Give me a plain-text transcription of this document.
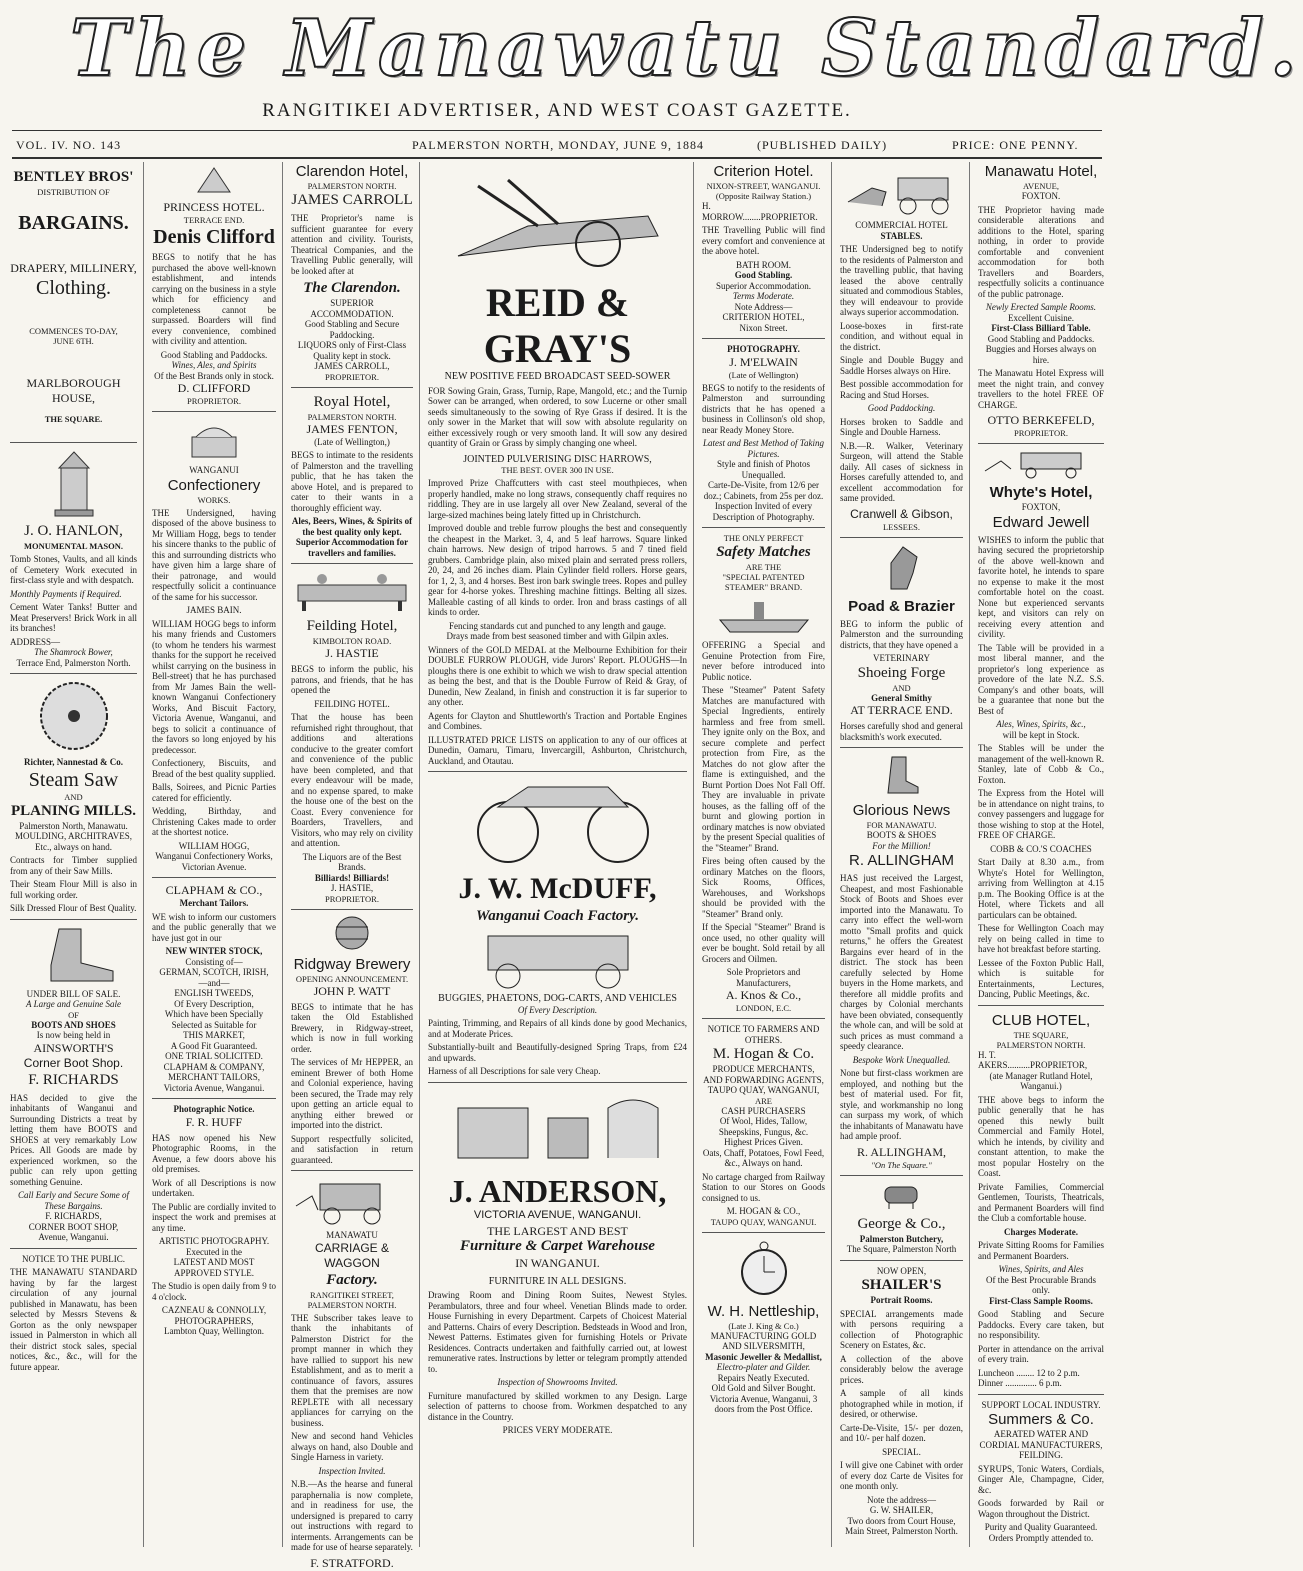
The Manawatu Standard.
RANGITIKEI ADVERTISER, AND WEST COAST GAZETTE.
VOL. IV. NO. 143	PALMERSTON NORTH, MONDAY, JUNE 9, 1884	(PUBLISHED DAILY)	PRICE: ONE PENNY.
BENTLEY BROS'
DISTRIBUTION OF
BARGAINS.
DRAPERY, MILLINERY,
Clothing.
COMMENCES TO-DAY,
JUNE 6TH.
MARLBOROUGH HOUSE,
THE SQUARE.
J. O. HANLON,
MONUMENTAL MASON.
Tomb Stones, Vaults, and all kinds of Cemetery Work executed in first-class style and with despatch.
Monthly Payments if Required.
Cement Water Tanks! Butter and Meat Preservers! Brick Work in all its branches!
ADDRESS—
The Shamrock Bower,
Terrace End, Palmerston North.
Richter, Nannestad & Co.
Steam Saw
AND
PLANING MILLS.
Palmerston North, Manawatu.
MOULDING, ARCHITRAVES, Etc., always on hand.
Contracts for Timber supplied from any of their Saw Mills.
Their Steam Flour Mill is also in full working order.
Silk Dressed Flour of Best Quality.
UNDER BILL OF SALE.
A Large and Genuine Sale
OF
BOOTS AND SHOES
Is now being held in
AINSWORTH'S
Corner Boot Shop.
F. RICHARDS
HAS decided to give the inhabitants of Wanganui and Surrounding Districts a treat by letting them have BOOTS and SHOES at very remarkably Low Prices. All Goods are made by experienced workmen, so the public can rely upon getting something Genuine.
Call Early and Secure Some of These Bargains.
F. RICHARDS,
CORNER BOOT SHOP,
Avenue, Wanganui.
NOTICE TO THE PUBLIC.
THE MANAWATU STANDARD having by far the largest circulation of any journal published in Manawatu, has been selected by Messrs Stevens & Gorton as the only newspaper issued in Palmerston in which all their district stock sales, special notices, &c., &c., will for the future appear.
PRINCESS HOTEL.
TERRACE END.
Denis Clifford
BEGS to notify that he has purchased the above well-known establishment, and intends carrying on the business in a style which for efficiency and completeness cannot be surpassed. Boarders will find every convenience, combined with civility and attention.
Good Stabling and Paddocks.
Wines, Ales, and Spirits
Of the Best Brands only in stock.
D. CLIFFORD
PROPRIETOR.
WANGANUI
Confectionery
WORKS.
THE Undersigned, having disposed of the above business to Mr William Hogg, begs to tender his sincere thanks to the public of this and surrounding districts who have given him a large share of their patronage, and would respectfully solicit a continuance of the same for his successor.
JAMES BAIN.
WILLIAM HOGG begs to inform his many friends and Customers (to whom he tenders his warmest thanks for the support he received whilst carrying on the business in Bell-street) that he has purchased from Mr James Bain the well-known Wanganui Confectionery Works, And Biscuit Factory, Victoria Avenue, Wanganui, and begs to solicit a continuance of the favors so long enjoyed by his predecessor.
Confectionery, Biscuits, and Bread of the best quality supplied.
Balls, Soirees, and Picnic Parties catered for efficiently.
Wedding, Birthday, and Christening Cakes made to order at the shortest notice.
WILLIAM HOGG,
Wanganui Confectionery Works, Victorian Avenue.
CLAPHAM & CO.,
Merchant Tailors.
WE wish to inform our customers and the public generally that we have just got in our
NEW WINTER STOCK,
Consisting of—
GERMAN, SCOTCH, IRISH,
—and—
ENGLISH TWEEDS,
Of Every Description,
Which have been Specially Selected as Suitable for
THIS MARKET,
A Good Fit Guaranteed.
ONE TRIAL SOLICITED.
CLAPHAM & COMPANY,
MERCHANT TAILORS,
Victoria Avenue, Wanganui.
Photographic Notice.
F. R. HUFF
HAS now opened his New Photographic Rooms, in the Avenue, a few doors above his old premises.
Work of all Descriptions is now undertaken.
The Public are cordially invited to inspect the work and premises at any time.
ARTISTIC PHOTOGRAPHY.
Executed in the
LATEST AND MOST APPROVED STYLE.
The Studio is open daily from 9 to 4 o'clock.
CAZNEAU & CONNOLLY,
PHOTOGRAPHERS,
Lambton Quay, Wellington.
Clarendon Hotel,
PALMERSTON NORTH.
JAMES CARROLL
THE Proprietor's name is sufficient guarantee for every attention and civility. Tourists, Theatrical Companies, and the Travelling Public generally, will be looked after at
The Clarendon.
SUPERIOR ACCOMMODATION.
Good Stabling and Secure Paddocking.
LIQUORS only of First-Class Quality kept in stock.
JAMES CARROLL,
PROPRIETOR.
Royal Hotel,
PALMERSTON NORTH.
JAMES FENTON,
(Late of Wellington,)
BEGS to intimate to the residents of Palmerston and the travelling public, that he has taken the above Hotel, and is prepared to cater to their wants in a thoroughly efficient way.
Ales, Beers, Wines, & Spirits of the best quality only kept.
Superior Accommodation for travellers and families.
Feilding Hotel,
KIMBOLTON ROAD.
J. HASTIE
BEGS to inform the public, his patrons, and friends, that he has opened the
FEILDING HOTEL.
That the house has been refurnished right throughout, that additions and alterations conducive to the greater comfort and convenience of the public have been completed, and that every endeavour will be made, and no expense spared, to make the house one of the best on the Coast. Every convenience for Boarders, Travellers, and Visitors, who may rely on civility and attention.
The Liquors are of the Best Brands.
Billiards! Billiards!
J. HASTIE,
PROPRIETOR.
Ridgway Brewery
OPENING ANNOUNCEMENT.
JOHN P. WATT
BEGS to intimate that he has taken the Old Established Brewery, in Ridgway-street, which is now in full working order.
The services of Mr HEPPER, an eminent Brewer of both Home and Colonial experience, having been secured, the Trade may rely upon getting an article equal to anything either brewed or imported into the district.
Support respectfully solicited, and satisfaction in return guaranteed.
MANAWATU
CARRIAGE & WAGGON
Factory.
RANGITIKEI STREET, PALMERSTON NORTH.
THE Subscriber takes leave to thank the inhabitants of Palmerston District for the prompt manner in which they have rallied to support his new Establishment, and as to merit a continuance of favors, assures them that the premises are now REPLETE with all necessary appliances for carrying on the business.
New and second hand Vehicles always on hand, also Double and Single Harness in variety.
Inspection Invited.
N.B.—As the hearse and funeral paraphernalia is now complete, and in readiness for use, the undersigned is prepared to carry out instructions with regard to interments. Arrangements can be made for use of hearse separately.
F. STRATFORD.
REID & GRAY'S
NEW POSITIVE FEED BROADCAST SEED-SOWER
FOR Sowing Grain, Grass, Turnip, Rape, Mangold, etc.; and the Turnip Sower can be arranged, when ordered, to sow Lucerne or other small seeds simultaneously to the sowing of Rye Grass if desired. It is the only sower in the Market that will sow with absolute regularity on either excessively rough or very smooth land. It will sow any desired quantity of Grain or Grass by simply changing one wheel.
JOINTED PULVERISING DISC HARROWS,
THE BEST. OVER 300 IN USE.
Improved Prize Chaffcutters with cast steel mouthpieces, when properly handled, make no long straws, consequently chaff requires no riddling. They are in use largely all over New Zealand, several of the large-sized machines being lately fitted up in Christchurch.
Improved double and treble furrow ploughs the best and consequently the cheapest in the Market. 3, 4, and 5 leaf harrows. Square linked chain harrows. New design of tripod harrows. 5 and 7 tined field grubbers. Cambridge plain, also mixed plain and serrated press rollers, 20, 24, and 26 inches diam. Plain Cylinder field rollers. Horse gears, for 1, 2, 3, and 4 horses. Best iron bark swingle trees. Ropes and pulley gear for 4-horse yokes. Threshing machine fittings. Belting all sizes. Malleable casting of all kinds to order. Iron and brass castings of all kinds to order.
Fencing standards cut and punched to any length and gauge.
Drays made from best seasoned timber and with Gilpin axles.
Winners of the GOLD MEDAL at the Melbourne Exhibition for their DOUBLE FURROW PLOUGH, vide Jurors' Report. PLOUGHS—In ploughs there is one exhibit to which we wish to draw special attention as being the best, and that is the Double Furrow of Reid & Gray, of Dunedin, New Zealand, in finish and construction it is far superior to any other.
Agents for Clayton and Shuttleworth's Traction and Portable Engines and Combines.
ILLUSTRATED PRICE LISTS on application to any of our offices at Dunedin, Oamaru, Timaru, Invercargill, Ashburton, Christchurch, Auckland, and Otautau.
J. W. McDUFF,
Wanganui Coach Factory.
BUGGIES, PHAETONS, DOG-CARTS, AND VEHICLES
Of Every Description.
Painting, Trimming, and Repairs of all kinds done by good Mechanics, and at Moderate Prices.
Substantially-built and Beautifully-designed Spring Traps, from £24 and upwards.
Harness of all Descriptions for sale very Cheap.
J. ANDERSON,
VICTORIA AVENUE, WANGANUI.
THE LARGEST AND BEST
Furniture & Carpet Warehouse
IN WANGANUI.
FURNITURE IN ALL DESIGNS.
Drawing Room and Dining Room Suites, Newest Styles. Perambulators, three and four wheel. Venetian Blinds made to order. House Furnishing in every Department. Carpets of Choicest Material and Patterns. Chairs of every Description. Bedsteads in Wood and Iron, Newest Patterns. Estimates given for furnishing Hotels or Private Residences. Contracts undertaken and faithfully carried out, at lowest remunerative rates. Instructions by letter or telegram promptly attended to.
Inspection of Showrooms Invited.
Furniture manufactured by skilled workmen to any Design. Large selection of patterns to choose from. Workmen despatched to any distance in the Country.
PRICES VERY MODERATE.
Criterion Hotel.
NIXON-STREET, WANGANUI.
(Opposite Railway Station.)
H. MORROW........PROPRIETOR.
THE Travelling Public will find every comfort and convenience at the above hotel.
BATH ROOM.
Good Stabling.
Superior Accommodation.
Terms Moderate.
Note Address—
CRITERION HOTEL,
Nixon Street.
PHOTOGRAPHY.
J. M'ELWAIN
(Late of Wellington)
BEGS to notify to the residents of Palmerston and surrounding districts that he has opened a business in Collinson's old shop, near Ready Money Store.
Latest and Best Method of Taking Pictures.
Style and finish of Photos Unequalled.
Carte-De-Visite, from 12/6 per doz.; Cabinets, from 25s per doz.
Inspection Invited of every Description of Photography.
THE ONLY PERFECT
Safety Matches
ARE THE
"SPECIAL PATENTED STEAMER" BRAND.
OFFERING a Special and Genuine Protection from Fire, never before introduced into Public notice.
These "Steamer" Patent Safety Matches are manufactured with Special Ingredients, entirely harmless and free from smell. They ignite only on the Box, and secure complete and perfect protection from Fire, as the Matches do not glow after the flame is extinguished, and the Burnt Portion Does Not Fall Off. They are invaluable in private houses, as the falling off of the burnt and glowing portion in ordinary matches is now obviated by the present Special qualities of the "Steamer" Brand.
Fires being often caused by the ordinary Matches on the floors, Sick Rooms, Offices, Warehouses, and Workshops should be provided with the "Steamer" Brand only.
If the Special "Steamer" Brand is once used, no other quality will ever be bought. Sold retail by all Grocers and Oilmen.
Sole Proprietors and Manufacturers,
A. Knos & Co.,
LONDON, E.C.
NOTICE TO FARMERS AND OTHERS.
M. Hogan & Co.
PRODUCE MERCHANTS, AND FORWARDING AGENTS,
TAUPO QUAY, WANGANUI,
ARE
CASH PURCHASERS
Of Wool, Hides, Tallow, Sheepskins, Fungus, &c.
Highest Prices Given.
Oats, Chaff, Potatoes, Fowl Feed, &c., Always on hand.
No cartage charged from Railway Station to our Stores on Goods consigned to us.
M. HOGAN & CO.,
TAUPO QUAY, WANGANUI.
W. H. Nettleship,
(Late J. King & Co.)
MANUFACTURING GOLD AND SILVERSMITH,
Masonic Jeweller & Medallist,
Electro-plater and Gilder.
Repairs Neatly Executed.
Old Gold and Silver Bought.
Victoria Avenue, Wanganui, 3 doors from the Post Office.
COMMERCIAL HOTEL
STABLES.
THE Undersigned beg to notify to the residents of Palmerston and the travelling public, that having leased the above centrally situated and commodious Stables, they will endeavour to provide always superior accommodation.
Loose-boxes in first-rate condition, and without equal in the district.
Single and Double Buggy and Saddle Horses always on Hire.
Best possible accommodation for Racing and Stud Horses.
Good Paddocking.
Horses broken to Saddle and Single and Double Harness.
N.B.—R. Walker, Veterinary Surgeon, will attend the Stable daily. All cases of sickness in Horses carefully attended to, and excellent accommodation for same provided.
Cranwell & Gibson,
LESSEES.
Poad & Brazier
BEG to inform the public of Palmerston and the surrounding districts, that they have opened a
VETERINARY
Shoeing Forge
AND
General Smithy
AT TERRACE END.
Horses carefully shod and general blacksmith's work executed.
Glorious News
FOR MANAWATU.
BOOTS & SHOES
For the Million!
R. ALLINGHAM
HAS just received the Largest, Cheapest, and most Fashionable Stock of Boots and Shoes ever imported into the Manawatu. To carry into effect the well-worn motto "Small profits and quick returns," he offers the Greatest Bargains ever heard of in the district. The stock has been carefully selected by Home buyers in the Home markets, and therefore all middle profits and charges by Colonial merchants have been obviated, consequently the whole can, and will be sold at such prices as must command a speedy clearance.
Bespoke Work Unequalled.
None but first-class workmen are employed, and nothing but the best of material used. For fit, style, and workmanship no long can surpass my work, of which the inhabitants of Manawatu have had ample proof.
R. ALLINGHAM,
"On The Square."
George & Co.,
Palmerston Butchery,
The Square, Palmerston North
NOW OPEN,
SHAILER'S
Portrait Rooms.
SPECIAL arrangements made with persons requiring a collection of Photographic Scenery on Estates, &c.
A collection of the above considerably below the average prices.
A sample of all kinds photographed while in motion, if desired, or otherwise.
Carte-De-Visite, 15/- per dozen, and 10/- per half dozen.
SPECIAL.
I will give one Cabinet with order of every doz Carte de Visites for one month only.
Note the address—
G. W. SHAILER,
Two doors from Court House, Main Street, Palmerston North.
Manawatu Hotel,
AVENUE,
FOXTON.
THE Proprietor having made considerable alterations and additions to the Hotel, sparing nothing, in order to provide comfortable and convenient accommodation for both Travellers and Boarders, respectfully solicits a continuance of the public patronage.
Newly Erected Sample Rooms.
Excellent Cuisine.
First-Class Billiard Table.
Good Stabling and Paddocks.
Buggies and Horses always on hire.
The Manawatu Hotel Express will meet the night train, and convey travellers to the hotel FREE OF CHARGE.
OTTO BERKEFELD,
PROPRIETOR.
Whyte's Hotel,
FOXTON,
Edward Jewell
WISHES to inform the public that having secured the proprietorship of the above well-known and favorite hotel, he intends to spare no expense to make it the most comfortable hotel on the coast. None but experienced servants kept, and visitors can rely on receiving every attention and civility.
The Table will be provided in a most liberal manner, and the proprietor's long experience as provedore of the late N.Z. S.S. Company's and other boats, will be a guarantee that none but the Best of
Ales, Wines, Spirits, &c.,
will be kept in Stock.
The Stables will be under the management of the well-known R. Stanley, late of Cobb & Co., Foxton.
The Express from the Hotel will be in attendance on night trains, to convey passengers and luggage for those wishing to stop at the Hotel, FREE OF CHARGE.
COBB & CO.'S COACHES
Start Daily at 8.30 a.m., from Whyte's Hotel for Wellington, arriving from Wellington at 4.15 p.m. The Booking Office is at the Hotel, where Tickets and all particulars can be obtained.
These for Wellington Coach may rely on being called in time to have hot breakfast before starting.
Lessee of the Foxton Public Hall, which is suitable for Entertainments, Lectures, Dancing, Public Meetings, &c.
CLUB HOTEL,
THE SQUARE,
PALMERSTON NORTH.
H. T. AKERS..........PROPRIETOR,
(ate Manager Rutland Hotel, Wanganui.)
THE above begs to inform the public generally that he has opened this newly built Commercial and Family Hotel, which he intends, by civility and constant attention, to make the most popular Hostelry on the Coast.
Private Families, Commercial Gentlemen, Tourists, Theatricals, and Permanent Boarders will find the Club a comfortable house.
Charges Moderate.
Private Sitting Rooms for Families and Permanent Boarders.
Wines, Spirits, and Ales
Of the Best Procurable Brands only.
First-Class Sample Rooms.
Good Stabling and Secure Paddocks. Every care taken, but no responsibility.
Porter in attendance on the arrival of every train.
Luncheon ........ 12 to 2 p.m.
Dinner .............. 6 p.m.
SUPPORT LOCAL INDUSTRY.
Summers & Co.
AERATED WATER AND CORDIAL MANUFACTURERS,
FEILDING.
SYRUPS, Tonic Waters, Cordials, Ginger Ale, Champagne, Cider, &c.
Goods forwarded by Rail or Wagon throughout the District.
Purity and Quality Guaranteed.
Orders Promptly attended to.
